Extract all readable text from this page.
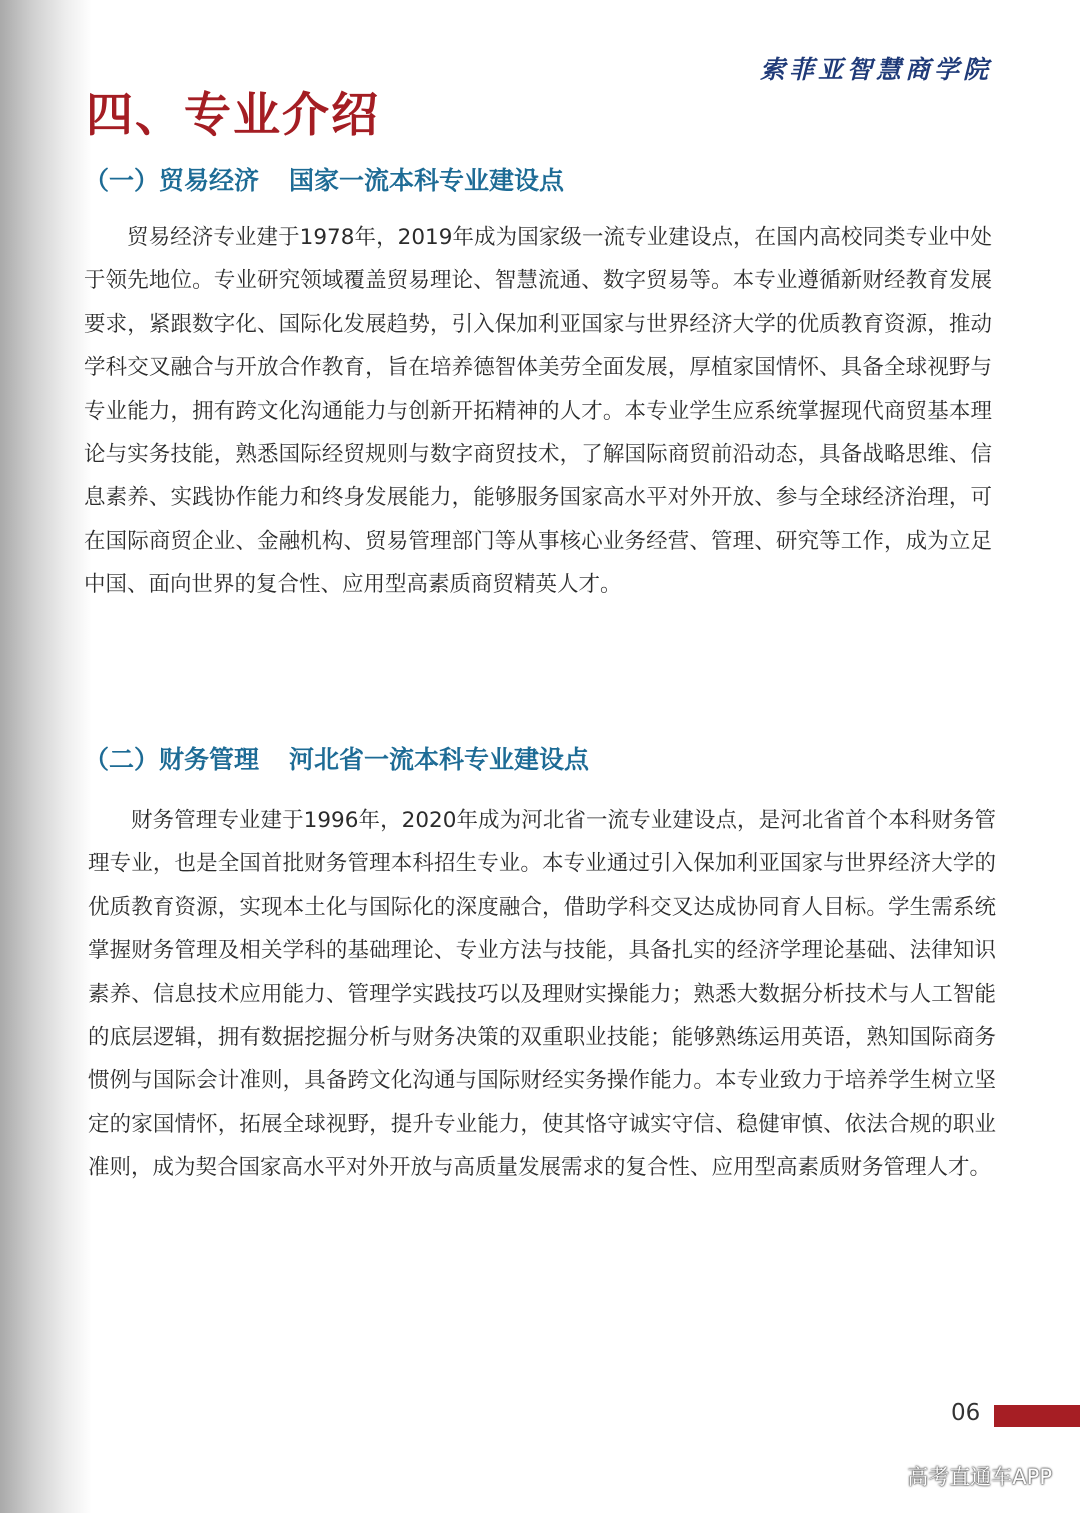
索菲亚智慧商学院
四、专业介绍
（一）贸易经济 国家一流本科专业建设点

贸易经济专业建于1978年，2019年成为国家级一流专业建设点，在国内高校同类专业中处于领先地位。专业研究领域覆盖贸易理论、智慧流通、数字贸易等。本专业遵循新财经教育发展要求，紧跟数字化、国际化发展趋势，引入保加利亚国家与世界经济大学的优质教育资源，推动学科交叉融合与开放合作教育，旨在培养德智体美劳全面发展，厚植家国情怀、具备全球视野与专业能力，拥有跨文化沟通能力与创新开拓精神的人才。本专业学生应系统掌握现代商贸基本理论与实务技能，熟悉国际经贸规则与数字商贸技术，了解国际商贸前沿动态，具备战略思维、信息素养、实践协作能力和终身发展能力，能够服务国家高水平对外开放、参与全球经济治理，可在国际商贸企业、金融机构、贸易管理部门等从事核心业务经营、管理、研究等工作，成为立足中国、面向世界的复合性、应用型高素质商贸精英人才。

（二）财务管理 河北省一流本科专业建设点

财务管理专业建于1996年，2020年成为河北省一流专业建设点，是河北省首个本科财务管理专业，也是全国首批财务管理本科招生专业。本专业通过引入保加利亚国家与世界经济大学的优质教育资源，实现本土化与国际化的深度融合，借助学科交叉达成协同育人目标。学生需系统掌握财务管理及相关学科的基础理论、专业方法与技能，具备扎实的经济学理论基础、法律知识素养、信息技术应用能力、管理学实践技巧以及理财实操能力；熟悉大数据分析技术与人工智能的底层逻辑，拥有数据挖掘分析与财务决策的双重职业技能；能够熟练运用英语，熟知国际商务惯例与国际会计准则，具备跨文化沟通与国际财经实务操作能力。本专业致力于培养学生树立坚定的家国情怀，拓展全球视野，提升专业能力，使其恪守诚实守信、稳健审慎、依法合规的职业准则，成为契合国家高水平对外开放与高质量发展需求的复合性、应用型高素质财务管理人才。

06
高考直通车APP
